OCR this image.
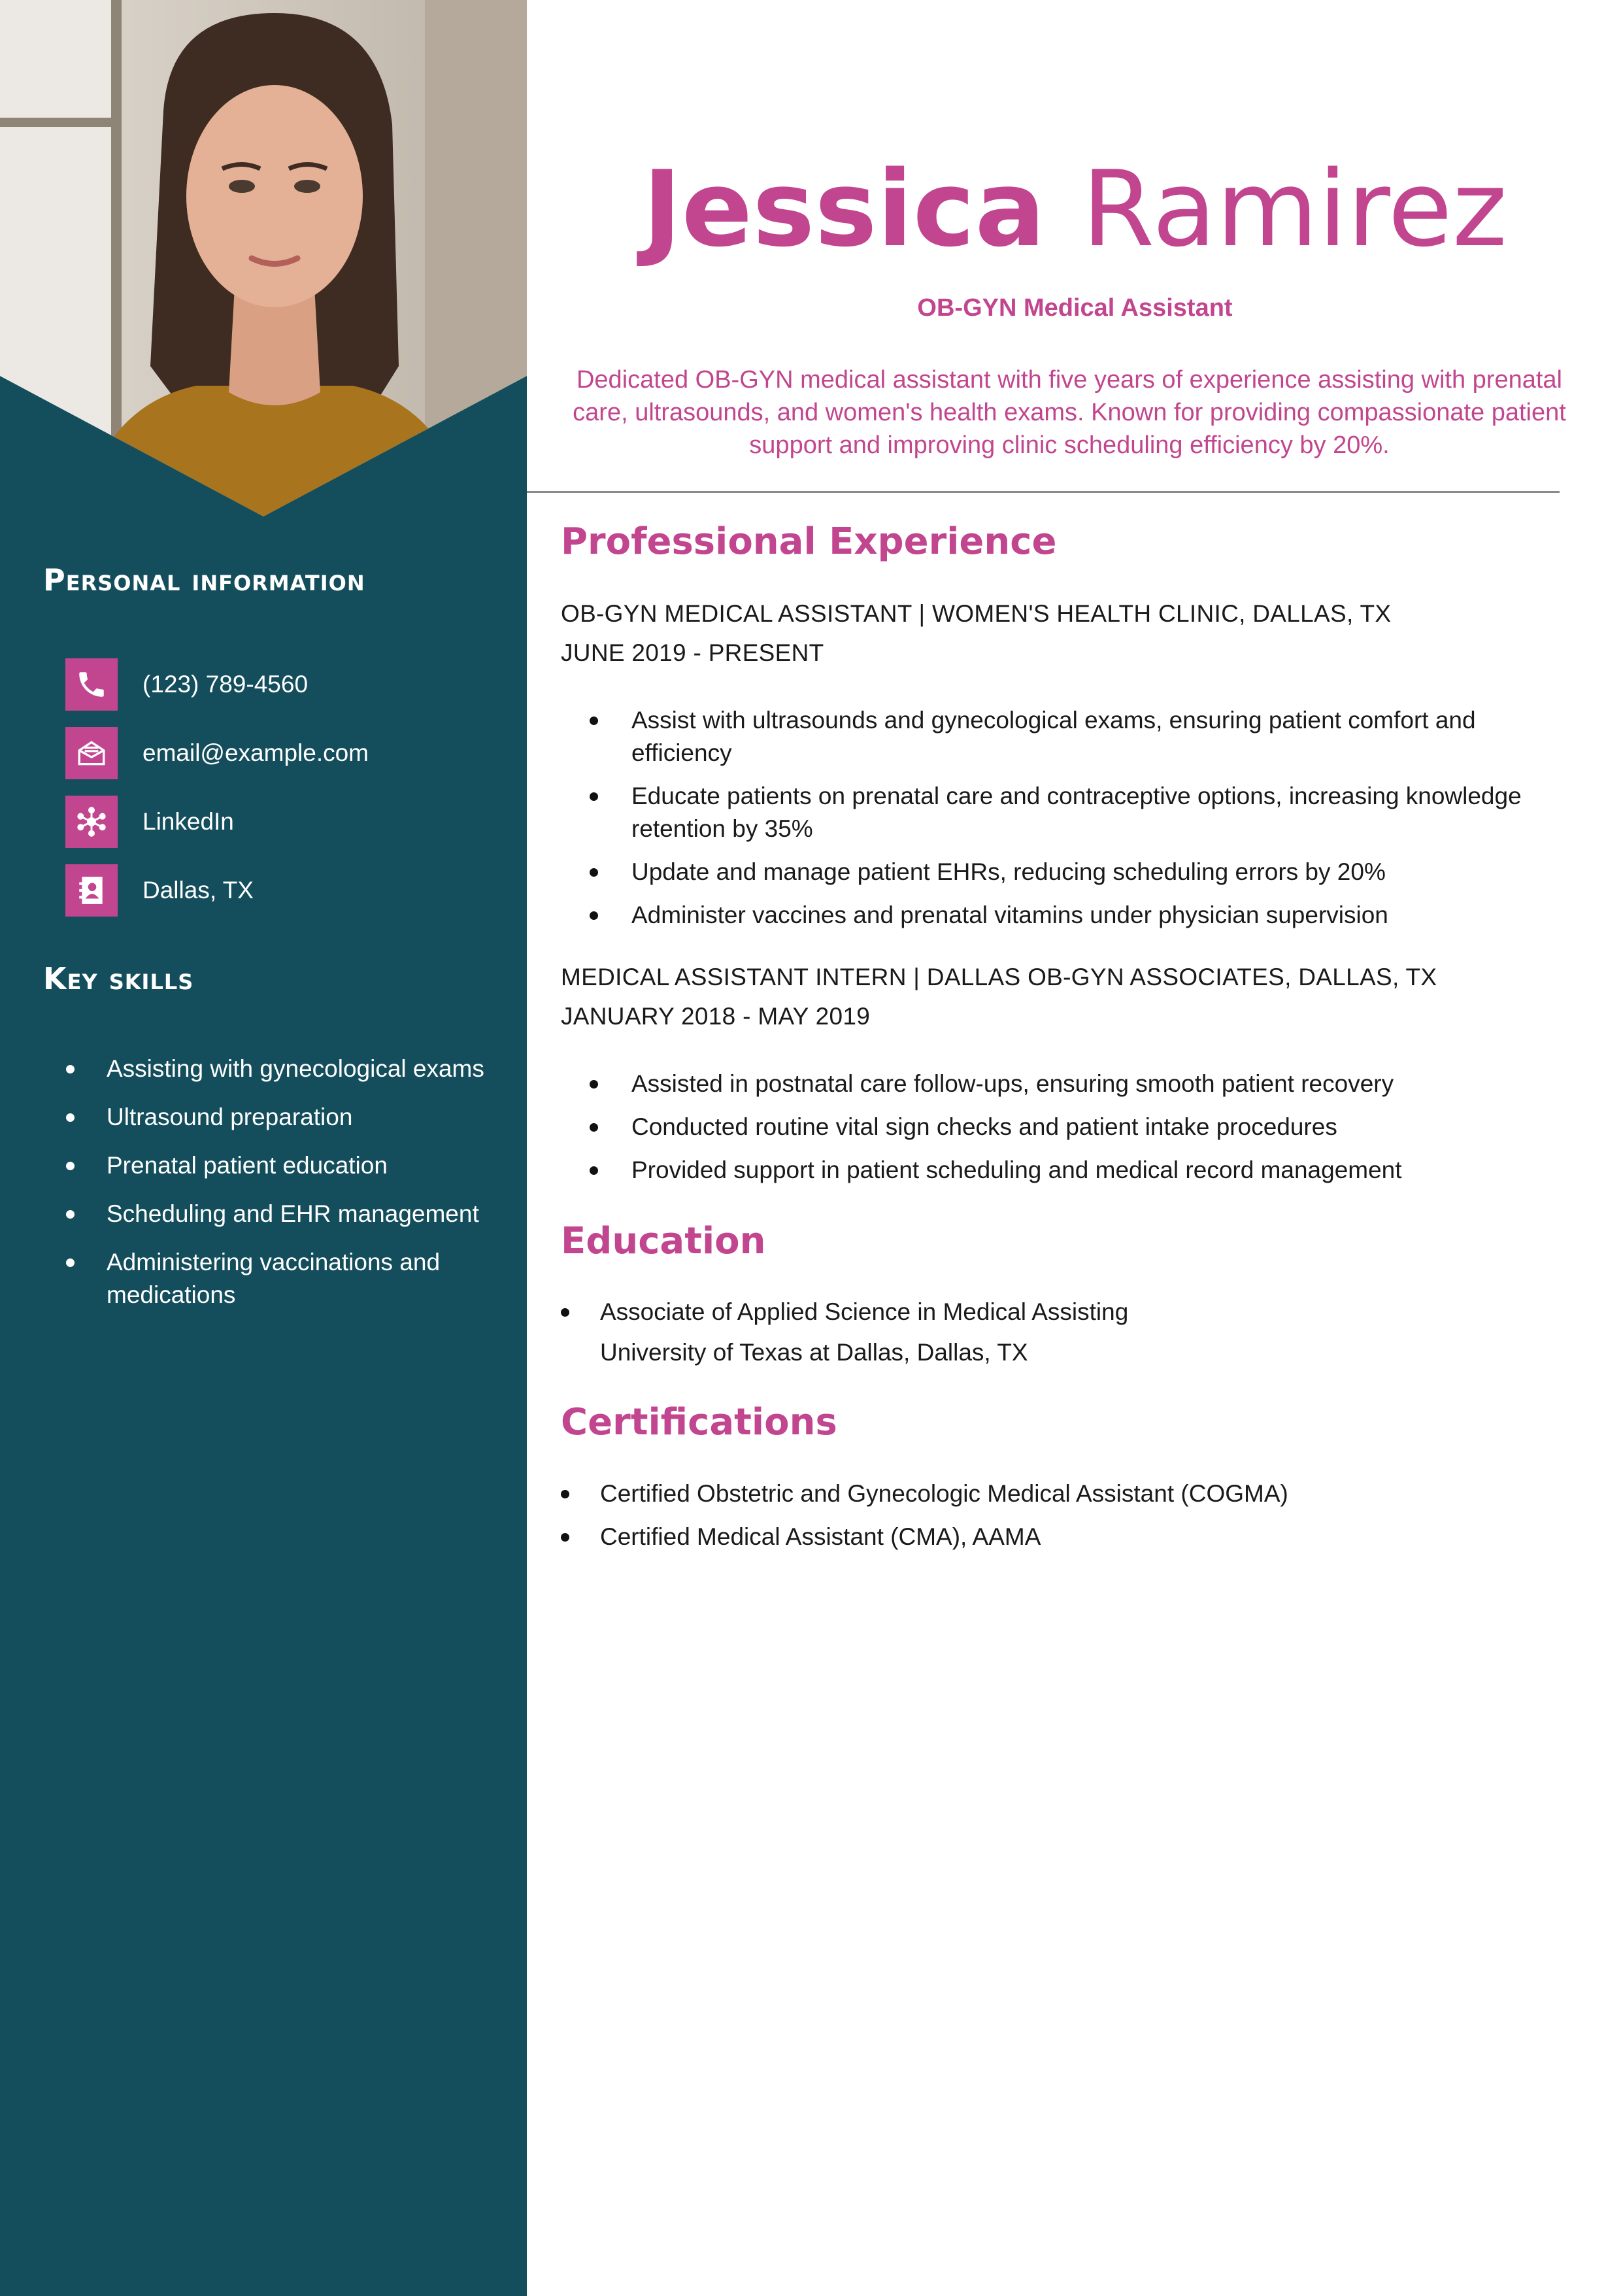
Personal information
(123) 789-4560
email@example.com
LinkedIn
Dallas, TX
Key skills
Assisting with gynecological exams
Ultrasound preparation
Prenatal patient education
Scheduling and EHR management
Administering vaccinations and medications
Jessica Ramirez

OB-GYN Medical Assistant

Dedicated OB-GYN medical assistant with five years of experience assisting with prenatal care, ultrasounds, and women's health exams. Known for providing compassionate patient support and improving clinic scheduling efficiency by 20%.

Professional Experience

OB-GYN MEDICAL ASSISTANT | WOMEN'S HEALTH CLINIC, DALLAS, TX

JUNE 2019 - PRESENT

Assist with ultrasounds and gynecological exams, ensuring patient comfort and efficiency
Educate patients on prenatal care and contraceptive options, increasing knowledge retention by 35%
Update and manage patient EHRs, reducing scheduling errors by 20%
Administer vaccines and prenatal vitamins under physician supervision

MEDICAL ASSISTANT INTERN | DALLAS OB-GYN ASSOCIATES, DALLAS, TX

JANUARY 2018 - MAY 2019

Assisted in postnatal care follow-ups, ensuring smooth patient recovery
Conducted routine vital sign checks and patient intake procedures
Provided support in patient scheduling and medical record management
Education
Associate of Applied Science in Medical Assisting
University of Texas at Dallas, Dallas, TX
Certifications
Certified Obstetric and Gynecologic Medical Assistant (COGMA)
Certified Medical Assistant (CMA), AAMA
